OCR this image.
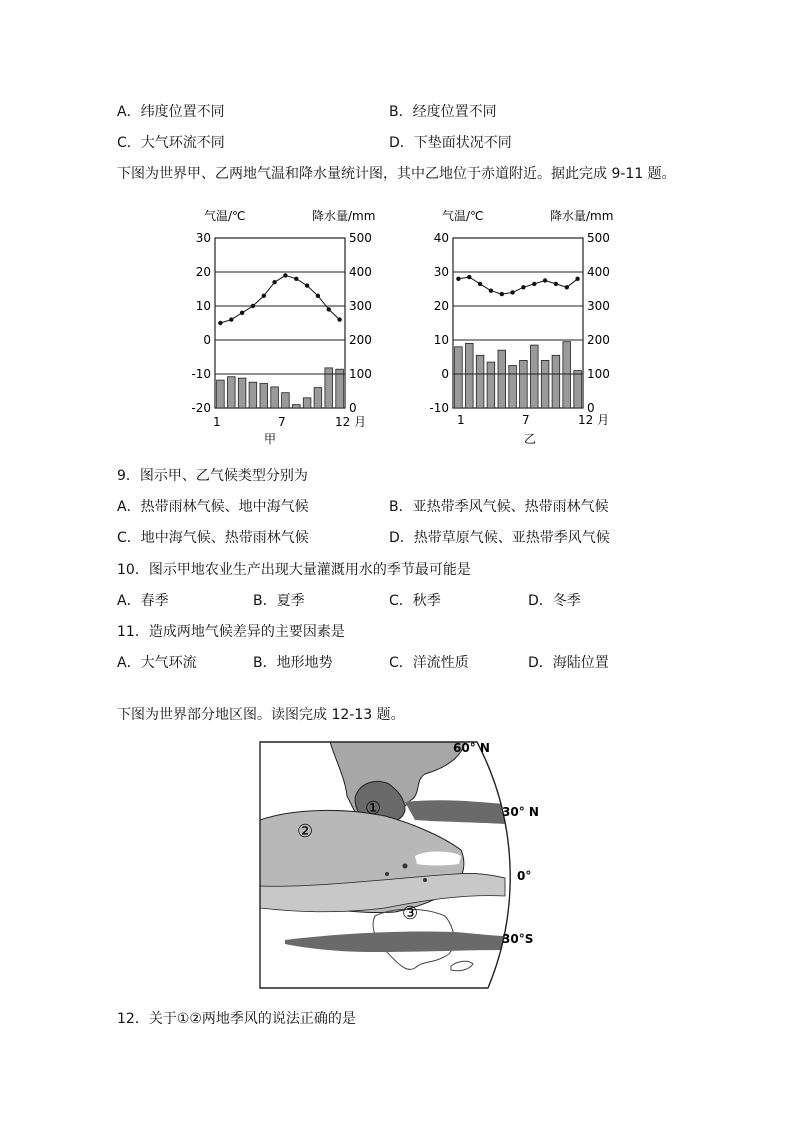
A．纬度位置不同	B．经度位置不同
C．大气环流不同	D．下垫面状况不同
下图为世界甲、乙两地气温和降水量统计图，其中乙地位于赤道附近。据此完成 9-11 题。
气温/℃	降水量/mm
-20
-10
0
10
20
30
0
100
200
300
400
500
1	7	12 月
甲
气温/℃	降水量/mm
-10
0
10
20
30
40
0
100
200
300
400
500
1	7	12 月
乙
9．图示甲、乙气候类型分别为
A．热带雨林气候、地中海气候	B．亚热带季风气候、热带雨林气候
C．地中海气候、热带雨林气候	D．热带草原气候、亚热带季风气候
10．图示甲地农业生产出现大量灌溉用水的季节最可能是
A．春季	B．夏季	C．秋季	D．冬季
11．造成两地气候差异的主要因素是
A．大气环流	B．地形地势	C．洋流性质	D．海陆位置
下图为世界部分地区图。读图完成 12-13 题。
60° N
30° N
0°
30°S
①
②
③
12．关于①②两地季风的说法正确的是
